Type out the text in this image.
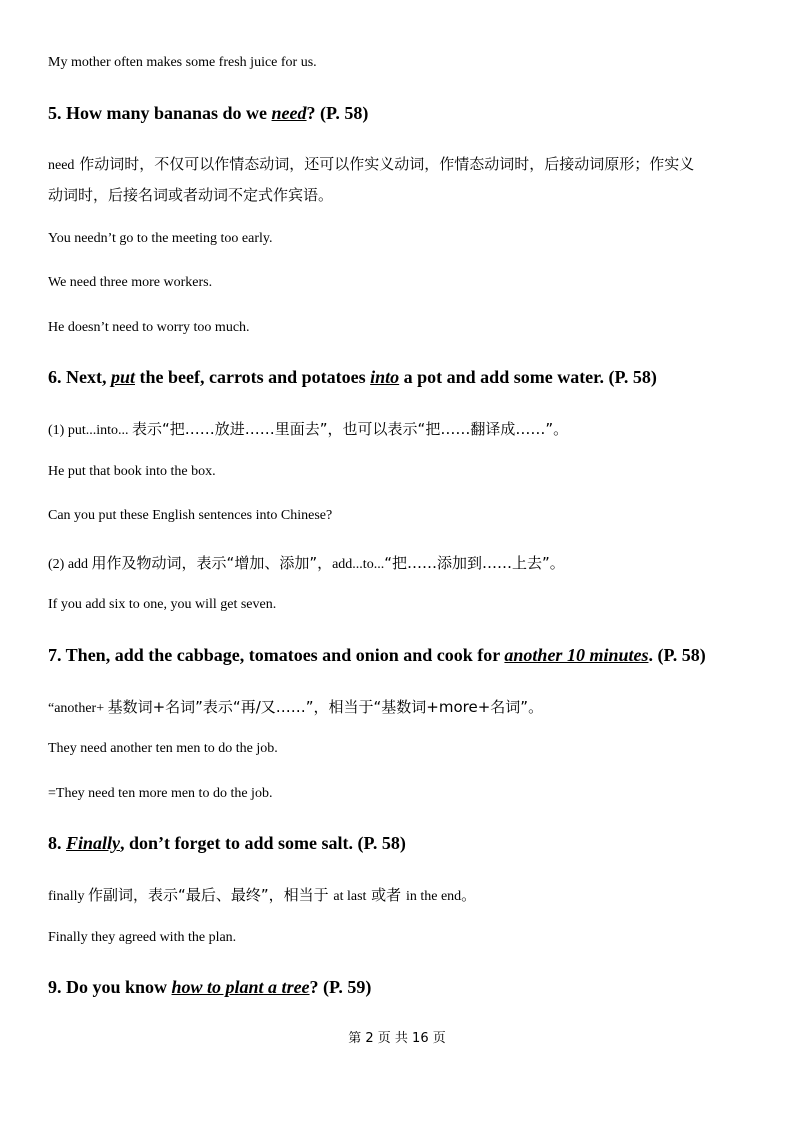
My mother often makes some fresh juice for us.
5. How many bananas do we need? (P. 58)
need 作动词时，不仅可以作情态动词，还可以作实义动词，作情态动词时，后接动词原形；作实义
动词时，后接名词或者动词不定式作宾语。
You needn’t go to the meeting too early.
We need three more workers.
He doesn’t need to worry too much.
6. Next, put the beef, carrots and potatoes into a pot and add some water. (P. 58)
(1) put...into... 表示“把……放进……里面去”，也可以表示“把……翻译成……”。
He put that book into the box.
Can you put these English sentences into Chinese?
(2) add 用作及物动词，表示“增加、添加”，add...to...“把……添加到……上去”。
If you add six to one, you will get seven.
7. Then, add the cabbage, tomatoes and onion and cook for another 10 minutes. (P. 58)
“another+ 基数词+名词”表示“再/又……”，相当于“基数词+more+名词”。
They need another ten men to do the job.
=They need ten more men to do the job.
8. Finally, don’t forget to add some salt. (P. 58)
finally 作副词，表示“最后、最终”，相当于 at last 或者 in the end。
Finally they agreed with the plan.
9. Do you know how to plant a tree? (P. 59)
第 2 页 共 16 页
